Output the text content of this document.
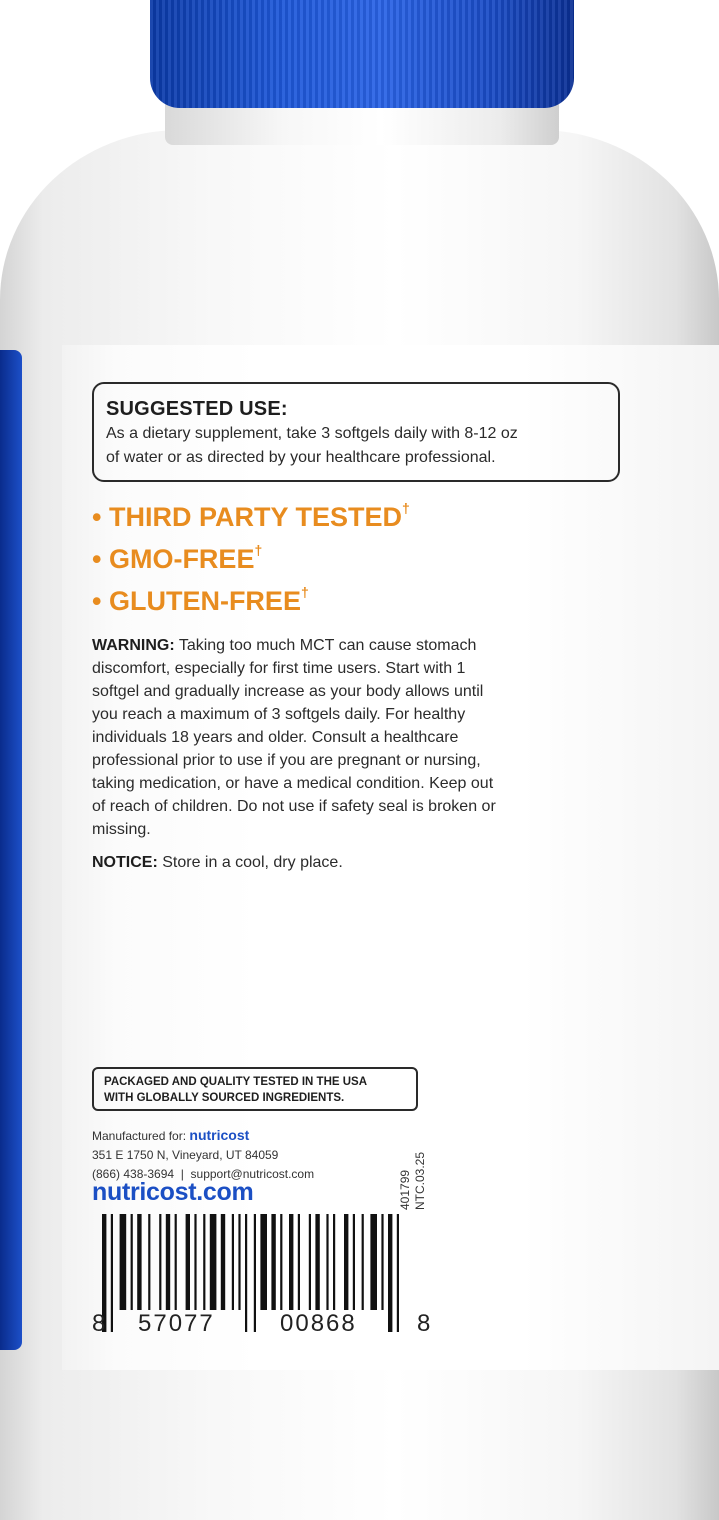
SUGGESTED USE:
As a dietary supplement, take 3 softgels daily with 8-12 oz
of water or as directed by your healthcare professional.
• THIRD PARTY TESTED†
• GMO-FREE†
• GLUTEN-FREE†
WARNING: Taking too much MCT can cause stomach
discomfort, especially for first time users. Start with 1
softgel and gradually increase as your body allows until
you reach a maximum of 3 softgels daily. For healthy
individuals 18 years and older. Consult a healthcare
professional prior to use if you are pregnant or nursing,
taking medication, or have a medical condition. Keep out
of reach of children. Do not use if safety seal is broken or
missing.
NOTICE: Store in a cool, dry place.
PACKAGED AND QUALITY TESTED IN THE USA
WITH GLOBALLY SOURCED INGREDIENTS.
Manufactured for: nutricost
351 E 1750 N, Vineyard, UT 84059
(866) 438-3694 | support@nutricost.com
nutricost.com	401799 NTC.03.25
8 57077	00868	8
